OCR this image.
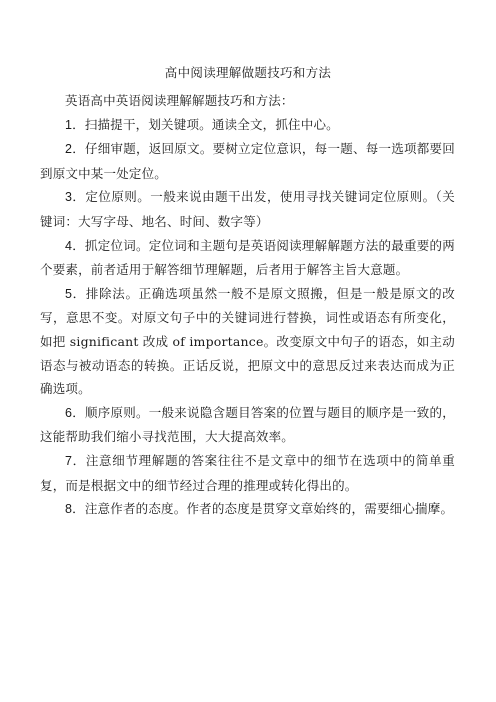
高中阅读理解做题技巧和方法

英语高中英语阅读理解解题技巧和方法：

1．扫描提干，划关键项。通读全文，抓住中心。

2．仔细审题，返回原文。要树立定位意识，每一题、每一选项都要回到原文中某一处定位。

3．定位原则。一般来说由题干出发，使用寻找关键词定位原则。（关键词：大写字母、地名、时间、数字等）

4．抓定位词。定位词和主题句是英语阅读理解解题方法的最重要的两个要素，前者适用于解答细节理解题，后者用于解答主旨大意题。

5．排除法。正确选项虽然一般不是原文照搬，但是一般是原文的改写，意思不变。对原文句子中的关键词进行替换，词性或语态有所变化，如把 significant 改成 of importance。改变原文中句子的语态，如主动语态与被动语态的转换。正话反说，把原文中的意思反过来表达而成为正确选项。

6．顺序原则。一般来说隐含题目答案的位置与题目的顺序是一致的，这能帮助我们缩小寻找范围，大大提高效率。

7．注意细节理解题的答案往往不是文章中的细节在选项中的简单重复，而是根据文中的细节经过合理的推理或转化得出的。

8．注意作者的态度。作者的态度是贯穿文章始终的，需要细心揣摩。
